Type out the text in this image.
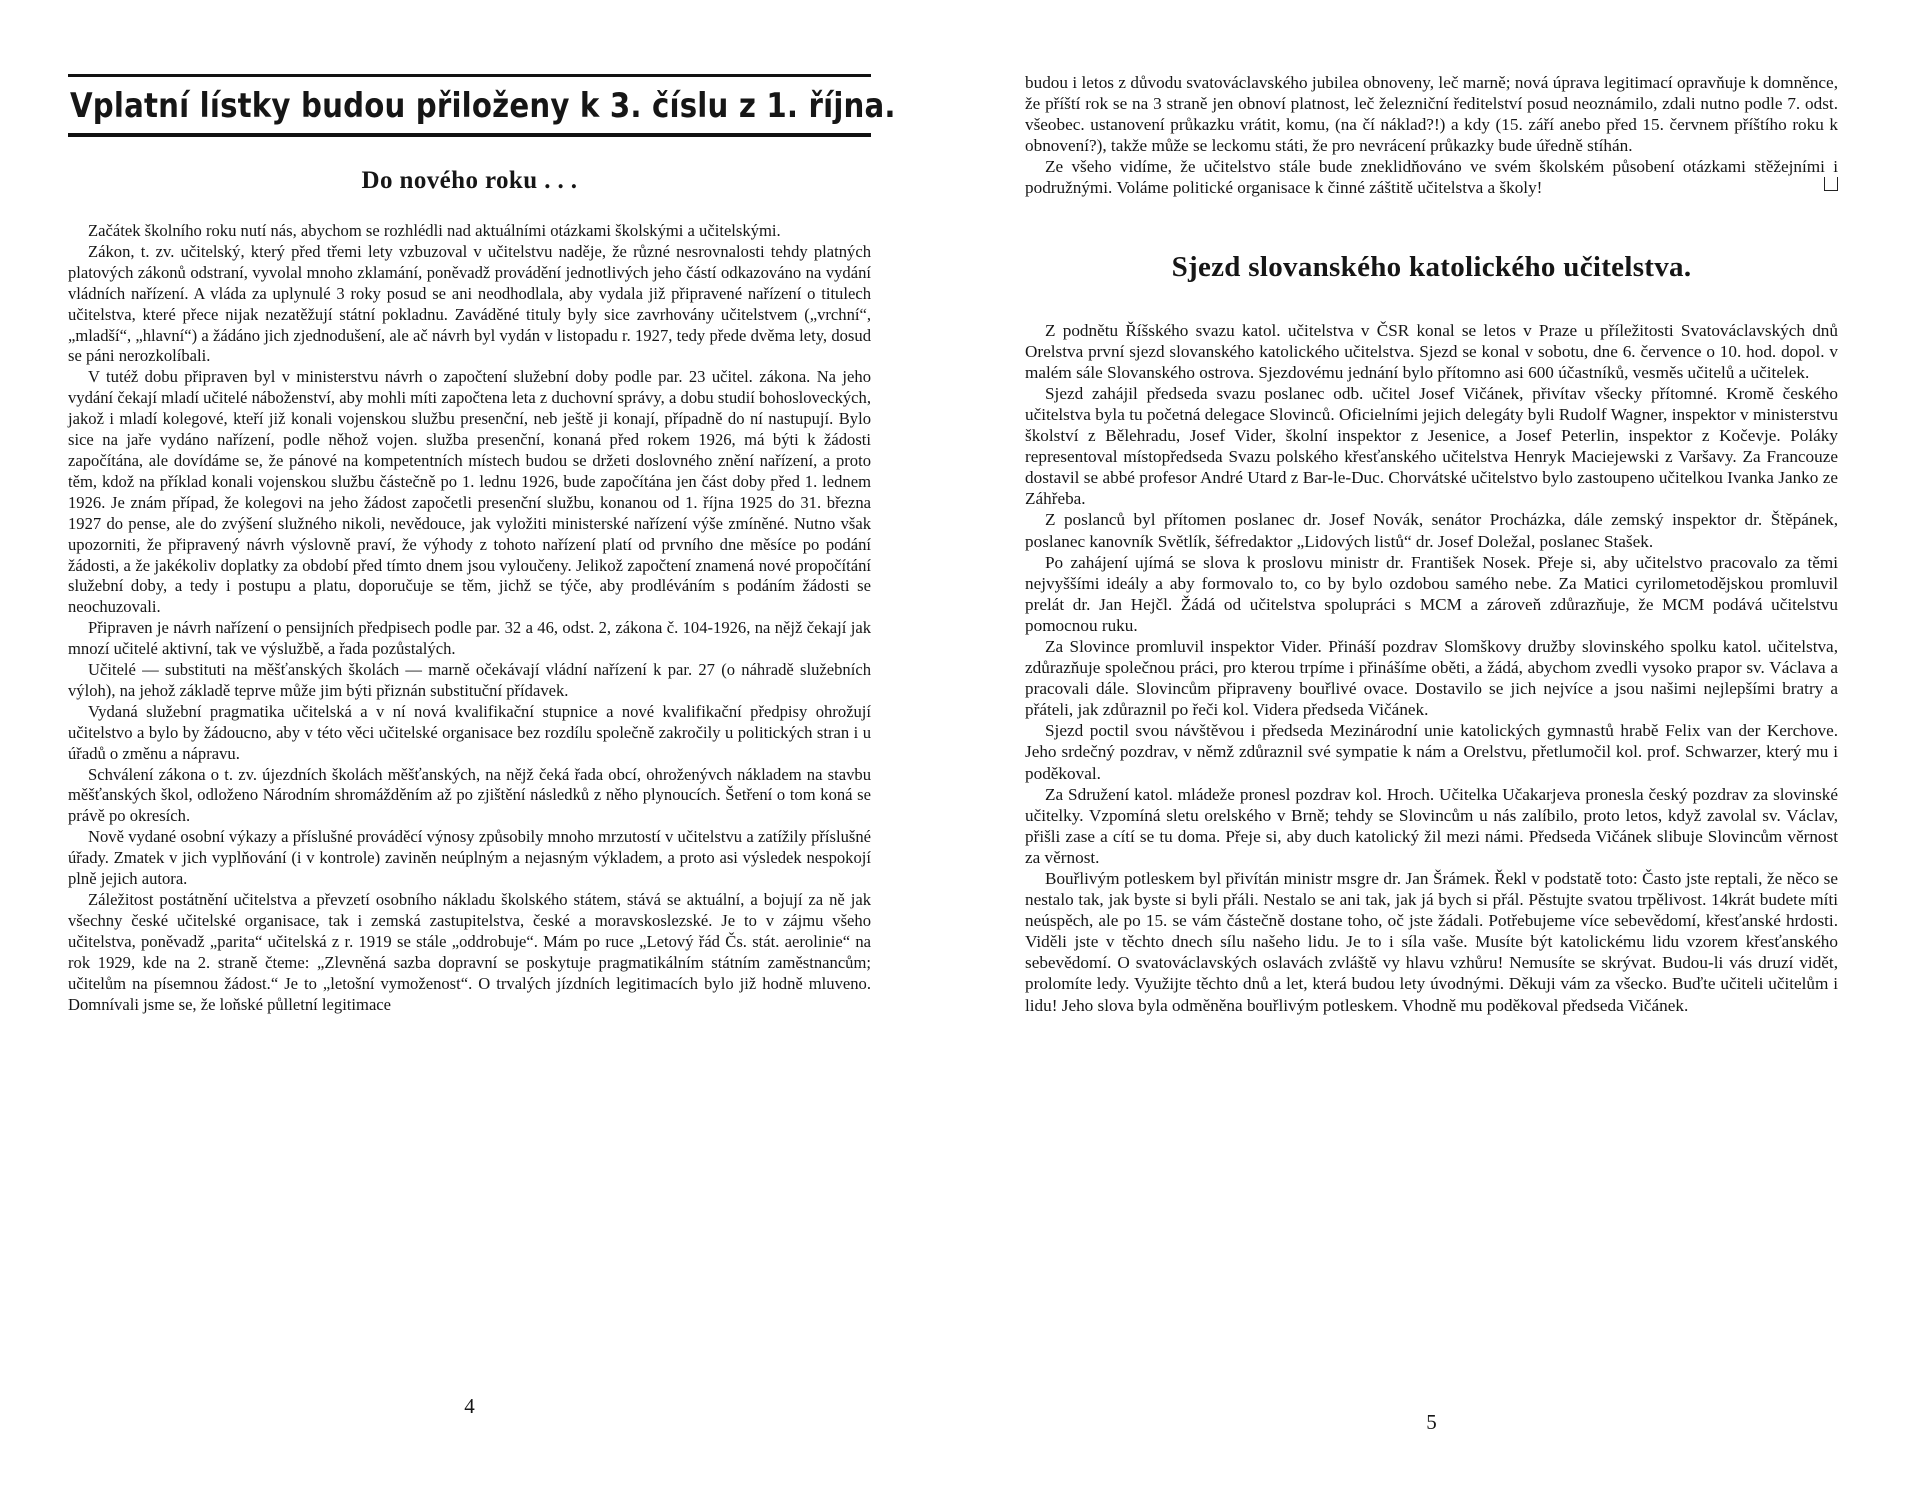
Vplatní lístky budou přiloženy k 3. číslu z 1. října.
Do nového roku . . .

Začátek školního roku nutí nás, abychom se rozhlédli nad aktuálními otázkami školskými a učitelskými.

Zákon, t. zv. učitelský, který před třemi lety vzbuzoval v učitelstvu naděje, že různé nesrovnalosti tehdy platných platových zákonů odstraní, vyvolal mnoho zklamání, poněvadž provádění jednotlivých jeho částí odkazováno na vydání vládních nařízení. A vláda za uplynulé 3 roky posud se ani neodhodlala, aby vydala již připravené nařízení o titulech učitelstva, které přece nijak nezatěžují státní pokladnu. Zaváděné tituly byly sice zavrhovány učitelstvem („vrchní“, „mladší“, „hlavní“) a žádáno jich zjednodušení, ale ač návrh byl vydán v listopadu r. 1927, tedy přede dvěma lety, dosud se páni nerozkolíbali.

V tutéž dobu připraven byl v ministerstvu návrh o započtení služební doby podle par. 23 učitel. zákona. Na jeho vydání čekají mladí učitelé náboženství, aby mohli míti započtena leta z duchovní správy, a dobu studií bohosloveckých, jakož i mladí kolegové, kteří již konali vojenskou službu presenční, neb ještě ji konají, případně do ní nastupují. Bylo sice na jaře vydáno nařízení, podle něhož vojen. služba presenční, konaná před rokem 1926, má býti k žádosti započítána, ale dovídáme se, že pánové na kompetentních místech budou se držeti doslovného znění nařízení, a proto těm, kdož na příklad konali vojenskou službu částečně po 1. lednu 1926, bude započítána jen část doby před 1. lednem 1926. Je znám případ, že kolegovi na jeho žádost započetli presenční službu, konanou od 1. října 1925 do 31. března 1927 do pense, ale do zvýšení služného nikoli, nevědouce, jak vyložiti ministerské nařízení výše zmíněné. Nutno však upozorniti, že připravený návrh výslovně praví, že výhody z tohoto nařízení platí od prvního dne měsíce po podání žádosti, a že jakékoliv doplatky za období před tímto dnem jsou vyloučeny. Jelikož započtení znamená nové propočítání služební doby, a tedy i postupu a platu, doporučuje se těm, jichž se týče, aby prodléváním s podáním žádosti se neochuzovali.

Připraven je návrh nařízení o pensijních předpisech podle par. 32 a 46, odst. 2, zákona č. 104-1926, na nějž čekají jak mnozí učitelé aktivní, tak ve výslužbě, a řada pozůstalých.

Učitelé — substituti na měšťanských školách — marně očekávají vládní nařízení k par. 27 (o náhradě služebních výloh), na jehož základě teprve může jim býti přiznán substituční přídavek.

Vydaná služební pragmatika učitelská a v ní nová kvalifikační stupnice a nové kvalifikační předpisy ohrožují učitelstvo a bylo by žádoucno, aby v této věci učitelské organisace bez rozdílu společně zakročily u politických stran i u úřadů o změnu a nápravu.

Schválení zákona o t. zv. újezdních školách měšťanských, na nějž čeká řada obcí, ohroženývch nákladem na stavbu měšťanských škol, odloženo Národním shromážděním až po zjištění následků z něho plynoucích. Šetření o tom koná se právě po okresích.

Nově vydané osobní výkazy a příslušné prováděcí výnosy způsobily mnoho mrzutostí v učitelstvu a zatížily příslušné úřady. Zmatek v jich vyplňování (i v kontrole) zaviněn neúplným a nejasným výkladem, a proto asi výsledek nespokojí plně jejich autora.

Záležitost postátnění učitelstva a převzetí osobního nákladu školského státem, stává se aktuální, a bojují za ně jak všechny české učitelské organisace, tak i zemská zastupitelstva, české a moravskoslezské. Je to v zájmu všeho učitelstva, poněvadž „parita“ učitelská z r. 1919 se stále „oddrobuje“. Mám po ruce „Letový řád Čs. stát. aerolinie“ na rok 1929, kde na 2. straně čteme: „Zlevněná sazba dopravní se poskytuje pragmatikálním státním zaměstnancům; učitelům na písemnou žádost.“ Je to „letošní vymoženost“. O trvalých jízdních legitimacích bylo již hodně mluveno. Domnívali jsme se, že loňské půlletní legitimace

4

budou i letos z důvodu svatováclavského jubilea obnoveny, leč marně; nová úprava legitimací opravňuje k domněnce, že příští rok se na 3 straně jen obnoví platnost, leč železniční ředitelství posud neoznámilo, zdali nutno podle 7. odst. všeobec. ustanovení průkazku vrátit, komu, (na čí náklad?!) a kdy (15. září anebo před 15. červnem příštího roku k obnovení?), takže může se leckomu státi, že pro nevrácení průkazky bude úředně stíhán.

Ze všeho vidíme, že učitelstvo stále bude zneklidňováno ve svém školském působení otázkami stěžejními i podružnými. Voláme politické organisace k činné záštitě učitelstva a školy!

Sjezd slovanského katolického učitelstva.

Z podnětu Říšského svazu katol. učitelstva v ČSR konal se letos v Praze u příležitosti Svatováclavských dnů Orelstva první sjezd slovanského katolického učitelstva. Sjezd se konal v sobotu, dne 6. července o 10. hod. dopol. v malém sále Slovanského ostrova. Sjezdovému jednání bylo přítomno asi 600 účastníků, vesměs učitelů a učitelek.

Sjezd zahájil předseda svazu poslanec odb. učitel Josef Vičánek, přivítav všecky přítomné. Kromě českého učitelstva byla tu početná delegace Slovinců. Oficielními jejich delegáty byli Rudolf Wagner, inspektor v ministerstvu školství z Bělehradu, Josef Vider, školní inspektor z Jesenice, a Josef Peterlin, inspektor z Kočevje. Poláky representoval místopředseda Svazu polského křesťanského učitelstva Henryk Maciejewski z Varšavy. Za Francouze dostavil se abbé profesor André Utard z Bar-le-Duc. Chorvátské učitelstvo bylo zastoupeno učitelkou Ivanka Janko ze Záhřeba.

Z poslanců byl přítomen poslanec dr. Josef Novák, senátor Procházka, dále zemský inspektor dr. Štěpánek, poslanec kanovník Světlík, šéfredaktor „Lidových listů“ dr. Josef Doležal, poslanec Stašek.

Po zahájení ujímá se slova k proslovu ministr dr. František Nosek. Přeje si, aby učitelstvo pracovalo za těmi nejvyššími ideály a aby formovalo to, co by bylo ozdobou samého nebe. Za Matici cyrilometodějskou promluvil prelát dr. Jan Hejčl. Žádá od učitelstva spolupráci s MCM a zároveň zdůrazňuje, že MCM podává učitelstvu pomocnou ruku.

Za Slovince promluvil inspektor Vider. Přináší pozdrav Slomškovy družby slovinského spolku katol. učitelstva, zdůrazňuje společnou práci, pro kterou trpíme i přinášíme oběti, a žádá, abychom zvedli vysoko prapor sv. Václava a pracovali dále. Slovincům připraveny bouřlivé ovace. Dostavilo se jich nejvíce a jsou našimi nejlepšími bratry a přáteli, jak zdůraznil po řeči kol. Videra předseda Vičánek.

Sjezd poctil svou návštěvou i předseda Mezinárodní unie katolických gymnastů hrabě Felix van der Kerchove. Jeho srdečný pozdrav, v němž zdůraznil své sympatie k nám a Orelstvu, přetlumočil kol. prof. Schwarzer, který mu i poděkoval.

Za Sdružení katol. mládeže pronesl pozdrav kol. Hroch. Učitelka Učakarjeva pronesla český pozdrav za slovinské učitelky. Vzpomíná sletu orelského v Brně; tehdy se Slovincům u nás zalíbilo, proto letos, když zavolal sv. Václav, přišli zase a cítí se tu doma. Přeje si, aby duch katolický žil mezi námi. Předseda Vičánek slibuje Slovincům věrnost za věrnost.

Bouřlivým potleskem byl přivítán ministr msgre dr. Jan Šrámek. Řekl v podstatě toto: Často jste reptali, že něco se nestalo tak, jak byste si byli přáli. Nestalo se ani tak, jak já bych si přál. Pěstujte svatou trpělivost. 14krát budete míti neúspěch, ale po 15. se vám částečně dostane toho, oč jste žádali. Potřebujeme více sebevědomí, křesťanské hrdosti. Viděli jste v těchto dnech sílu našeho lidu. Je to i síla vaše. Musíte být katolickému lidu vzorem křesťanského sebevědomí. O svatováclavských oslavách zvláště vy hlavu vzhůru! Nemusíte se skrývat. Budou-li vás druzí vidět, prolomíte ledy. Využijte těchto dnů a let, která budou lety úvodnými. Děkuji vám za všecko. Buďte učiteli učitelům i lidu! Jeho slova byla odměněna bouřlivým potleskem. Vhodně mu poděkoval předseda Vičánek.

5
